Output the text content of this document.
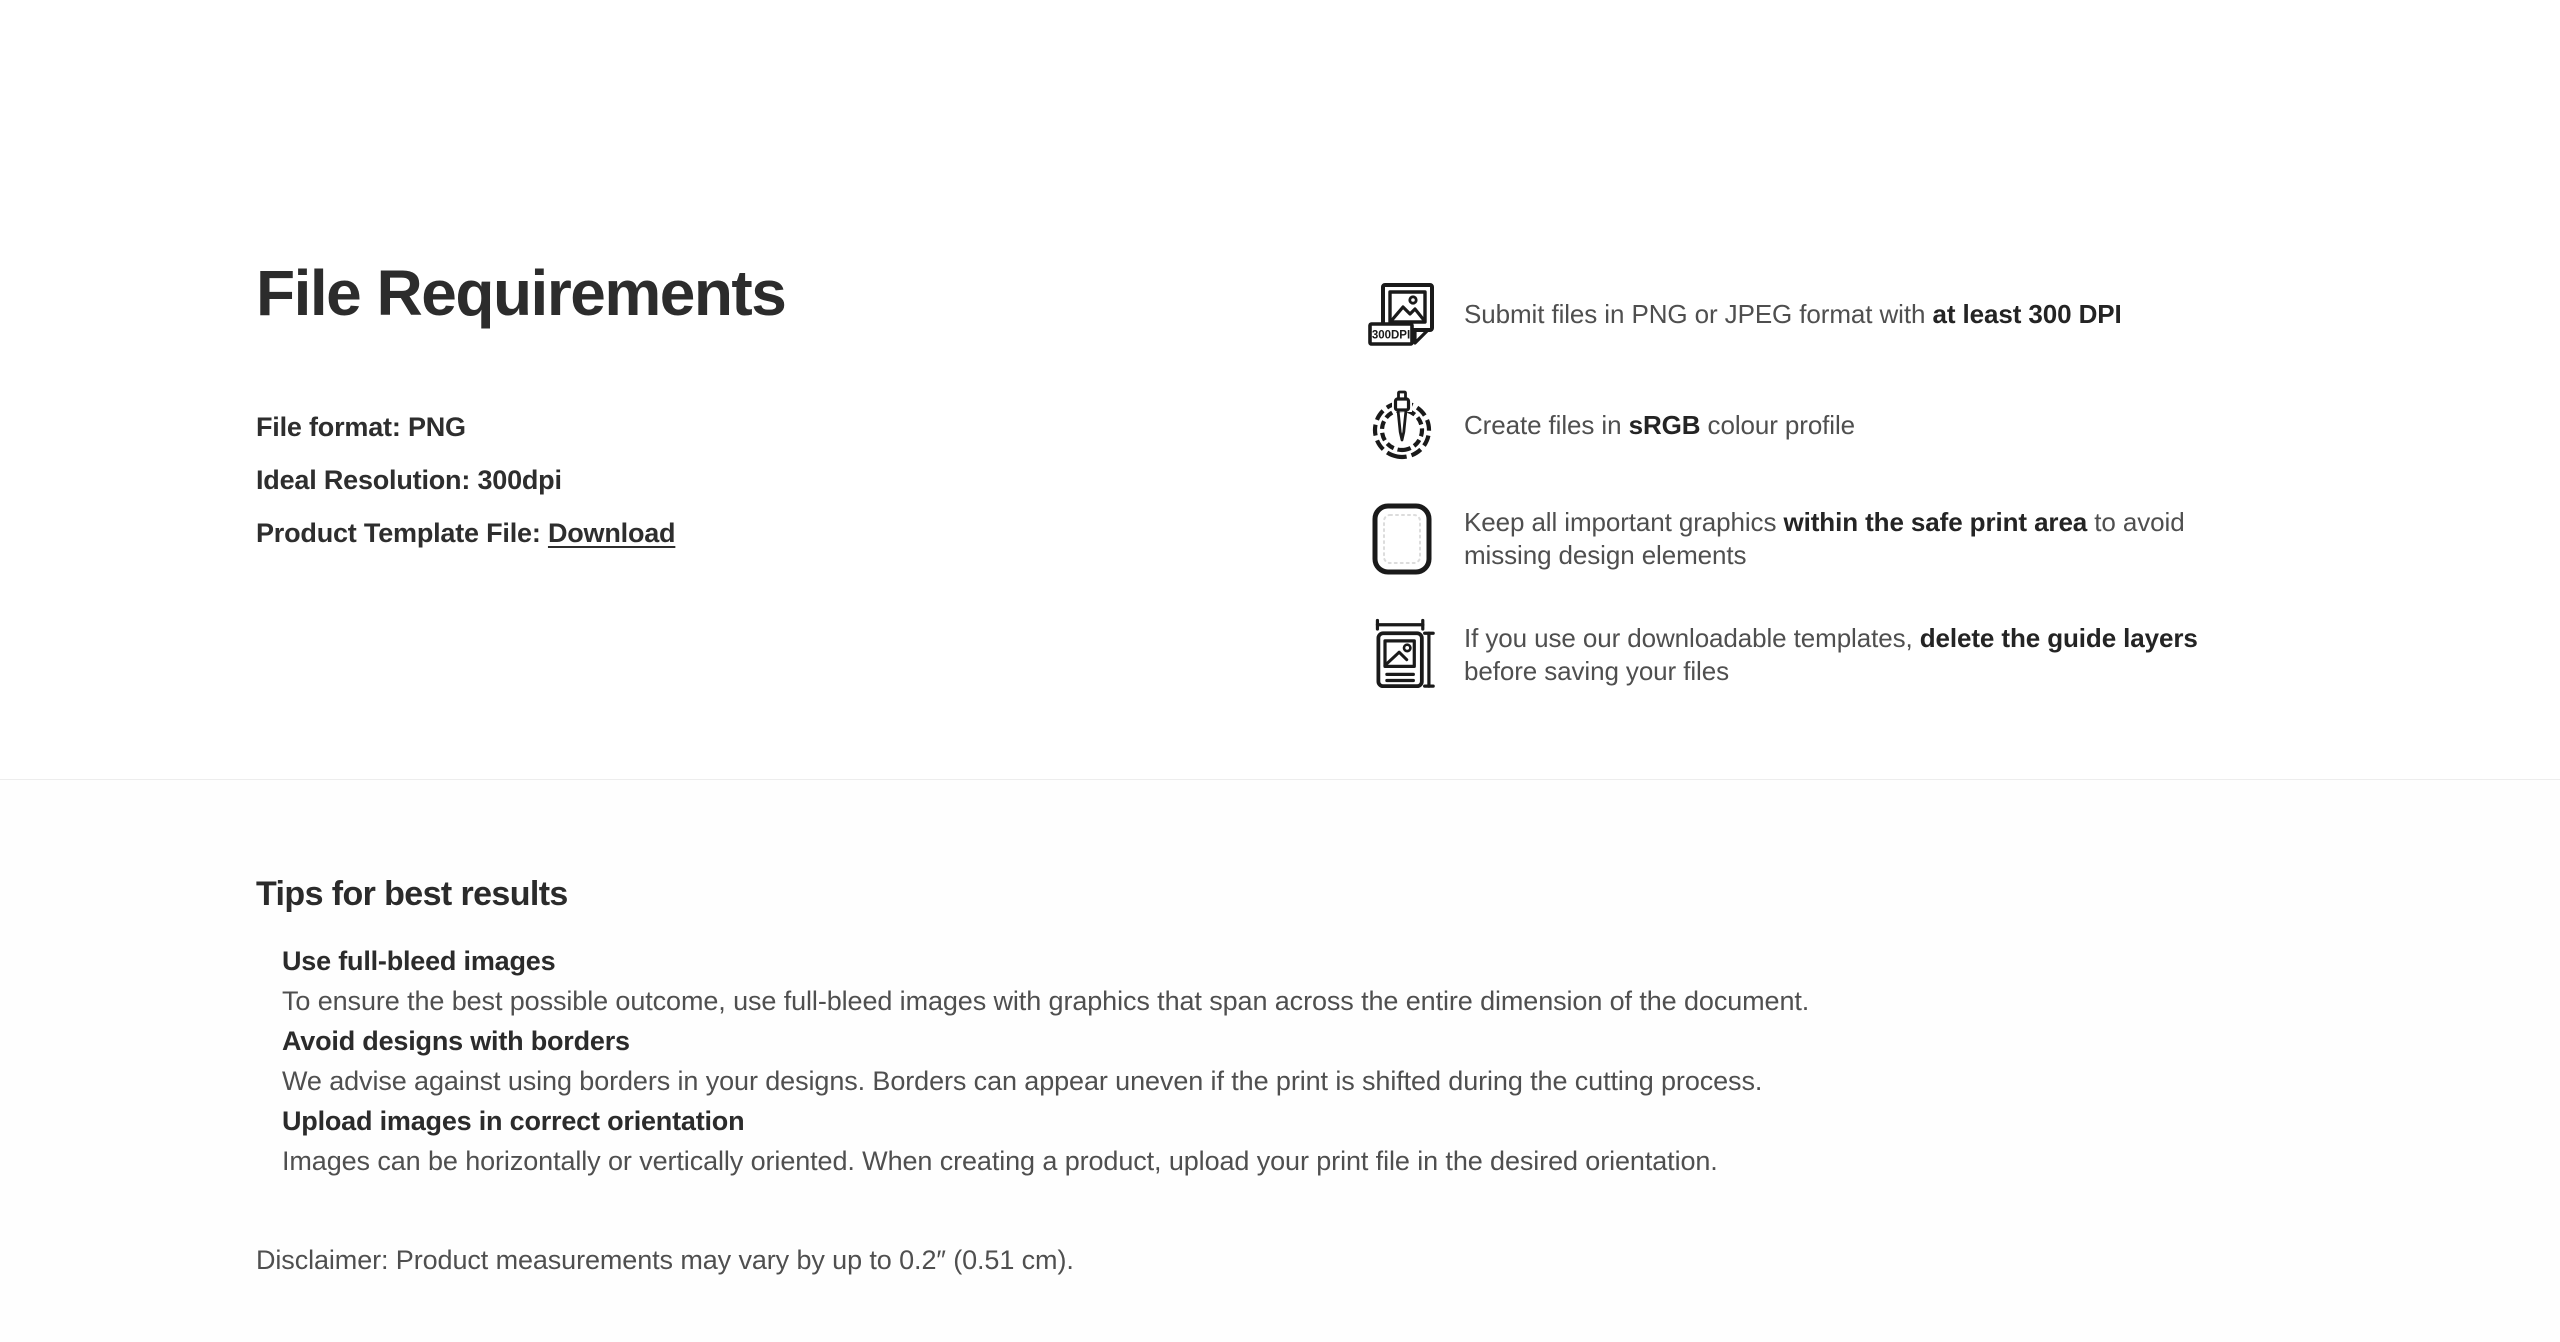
File Requirements
File format: PNG
Ideal Resolution: 300dpi
Product Template File: Download
300DPI
Submit files in PNG or JPEG format with at least 300 DPI
Create files in sRGB colour profile
Keep all important graphics within the safe print area to avoid missing design elements
If you use our downloadable templates, delete the guide layers before saving your files
Tips for best results
Use full-bleed images
To ensure the best possible outcome, use full-bleed images with graphics that span across the entire dimension of the document.
Avoid designs with borders
We advise against using borders in your designs. Borders can appear uneven if the print is shifted during the cutting process.
Upload images in correct orientation
Images can be horizontally or vertically oriented. When creating a product, upload your print file in the desired orientation.
Disclaimer: Product measurements may vary by up to 0.2″ (0.51 cm).
